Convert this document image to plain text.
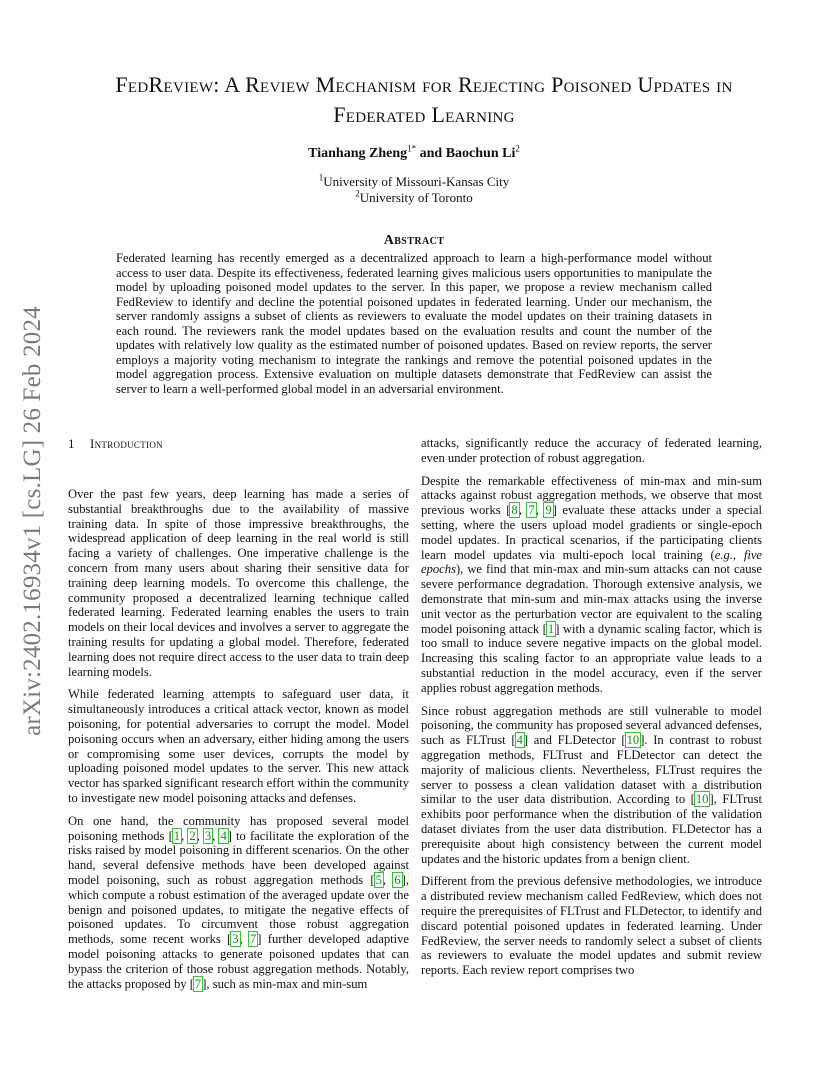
arXiv:2402.16934v1 [cs.LG] 26 Feb 2024
FedReview: A Review Mechanism for Rejecting Poisoned Updates in
Federated Learning
Tianhang Zheng$^{1*}$ and Baochun Li$^2$
$^1$University of Missouri-Kansas City
$^2$University of Toronto
Abstract
Federated learning has recently emerged as a decentralized approach to learn a high-performance model without access to user data. Despite its effectiveness, federated learning gives malicious users opportunities to manipulate the model by uploading poisoned model updates to the server. In this paper, we propose a review mechanism called FedReview to identify and decline the potential poisoned updates in federated learning. Under our mechanism, the server randomly assigns a subset of clients as reviewers to evaluate the model updates on their training datasets in each round. The reviewers rank the model updates based on the evaluation results and count the number of the updates with relatively low quality as the estimated number of poisoned updates. Based on review reports, the server employs a majority voting mechanism to integrate the rankings and remove the potential poisoned updates in the model aggregation process. Extensive evaluation on multiple datasets demonstrate that FedReview can assist the server to learn a well-performed global model in an adversarial environment.
1 Introduction

Over the past few years, deep learning has made a series of substantial breakthroughs due to the availability of massive training data. In spite of those impressive breakthroughs, the widespread application of deep learning in the real world is still facing a variety of challenges. One imperative challenge is the concern from many users about sharing their sensitive data for training deep learning models. To overcome this challenge, the community proposed a decentralized learning technique called federated learning. Federated learning enables the users to train models on their local devices and involves a server to aggregate the training results for updating a global model. Therefore, federated learning does not require direct access to the user data to train deep learning models.

While federated learning attempts to safeguard user data, it simultaneously introduces a critical attack vector, known as model poisoning, for potential adversaries to corrupt the model. Model poisoning occurs when an adversary, either hiding among the users or compromising some user devices, corrupts the model by uploading poisoned model updates to the server. This new attack vector has sparked significant research effort within the community to investigate new model poisoning attacks and defenses.

On one hand, the community has proposed several model poisoning methods [1, 2, 3, 4] to facilitate the exploration of the risks raised by model poisoning in different scenarios. On the other hand, several defensive methods have been developed against model poisoning, such as robust aggregation methods [5, 6], which compute a robust estimation of the averaged update over the benign and poisoned updates, to mitigate the negative effects of poisoned updates. To circumvent those robust aggregation methods, some recent works [3, 7] further developed adaptive model poisoning attacks to generate poisoned updates that can bypass the criterion of those robust aggregation methods. Notably, the attacks proposed by [7], such as min-max and min-sum

attacks, significantly reduce the accuracy of federated learning, even under protection of robust aggregation.

Despite the remarkable effectiveness of min-max and min-sum attacks against robust aggregation methods, we observe that most previous works [8, 7, 9] evaluate these attacks under a special setting, where the users upload model gradients or single-epoch model updates. In practical scenarios, if the participating clients learn model updates via multi-epoch local training (e.g., five epochs), we find that min-max and min-sum attacks can not cause severe performance degradation. Thorough extensive analysis, we demonstrate that min-sum and min-max attacks using the inverse unit vector as the perturbation vector are equivalent to the scaling model poisoning attack [1] with a dynamic scaling factor, which is too small to induce severe negative impacts on the global model. Increasing this scaling factor to an appropriate value leads to a substantial reduction in the model accuracy, even if the server applies robust aggregation methods.

Since robust aggregation methods are still vulnerable to model poisoning, the community has proposed several advanced defenses, such as FLTrust [4] and FLDetector [10]. In contrast to robust aggregation methods, FLTrust and FLDetector can detect the majority of malicious clients. Nevertheless, FLTrust requires the server to possess a clean validation dataset with a distribution similar to the user data distribution. According to [10], FLTrust exhibits poor performance when the distribution of the validation dataset diviates from the user data distribution. FLDetector has a prerequisite about high consistency between the current model updates and the historic updates from a benign client.

Different from the previous defensive methodologies, we introduce a distributed review mechanism called FedReview, which does not require the prerequisites of FLTrust and FLDetector, to identify and discard potential poisoned updates in federated learning. Under FedReview, the server needs to randomly select a subset of clients as reviewers to evaluate the model updates and submit review reports. Each review report comprises two
